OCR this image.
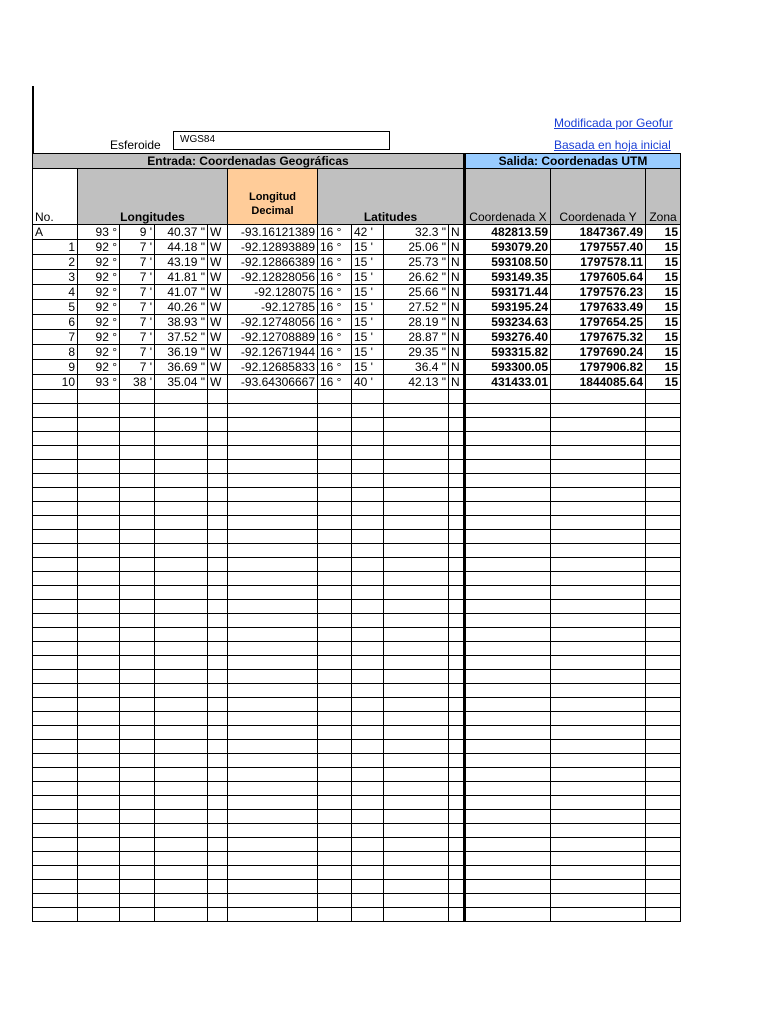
Modificada por Geofur
Basada en hoja inicial
Esferoide	WGS84
Entrada: Coordenadas Geográficas										Salida: Coordenadas UTM		
No.	Longitudes				Longitud Decimal	Latitudes				Coordenada X	Coordenada Y	Zona
A	93 °	9 '	40.37 "	W	-93.16121389	16 °	42 '	32.3 "	N	482813.59	1847367.49	15
1	92 °	7 '	44.18 "	W	-92.12893889	16 °	15 '	25.06 "	N	593079.20	1797557.40	15
2	92 °	7 '	43.19 "	W	-92.12866389	16 °	15 '	25.73 "	N	593108.50	1797578.11	15
3	92 °	7 '	41.81 "	W	-92.12828056	16 °	15 '	26.62 "	N	593149.35	1797605.64	15
4	92 °	7 '	41.07 "	W	-92.128075	16 °	15 '	25.66 "	N	593171.44	1797576.23	15
5	92 °	7 '	40.26 "	W	-92.12785	16 °	15 '	27.52 "	N	593195.24	1797633.49	15
6	92 °	7 '	38.93 "	W	-92.12748056	16 °	15 '	28.19 "	N	593234.63	1797654.25	15
7	92 °	7 '	37.52 "	W	-92.12708889	16 °	15 '	28.87 "	N	593276.40	1797675.32	15
8	92 °	7 '	36.19 "	W	-92.12671944	16 °	15 '	29.35 "	N	593315.82	1797690.24	15
9	92 °	7 '	36.69 "	W	-92.12685833	16 °	15 '	36.4 "	N	593300.05	1797906.82	15
10	93 °	38 '	35.04 "	W	-93.64306667	16 °	40 '	42.13 "	N	431433.01	1844085.64	15
